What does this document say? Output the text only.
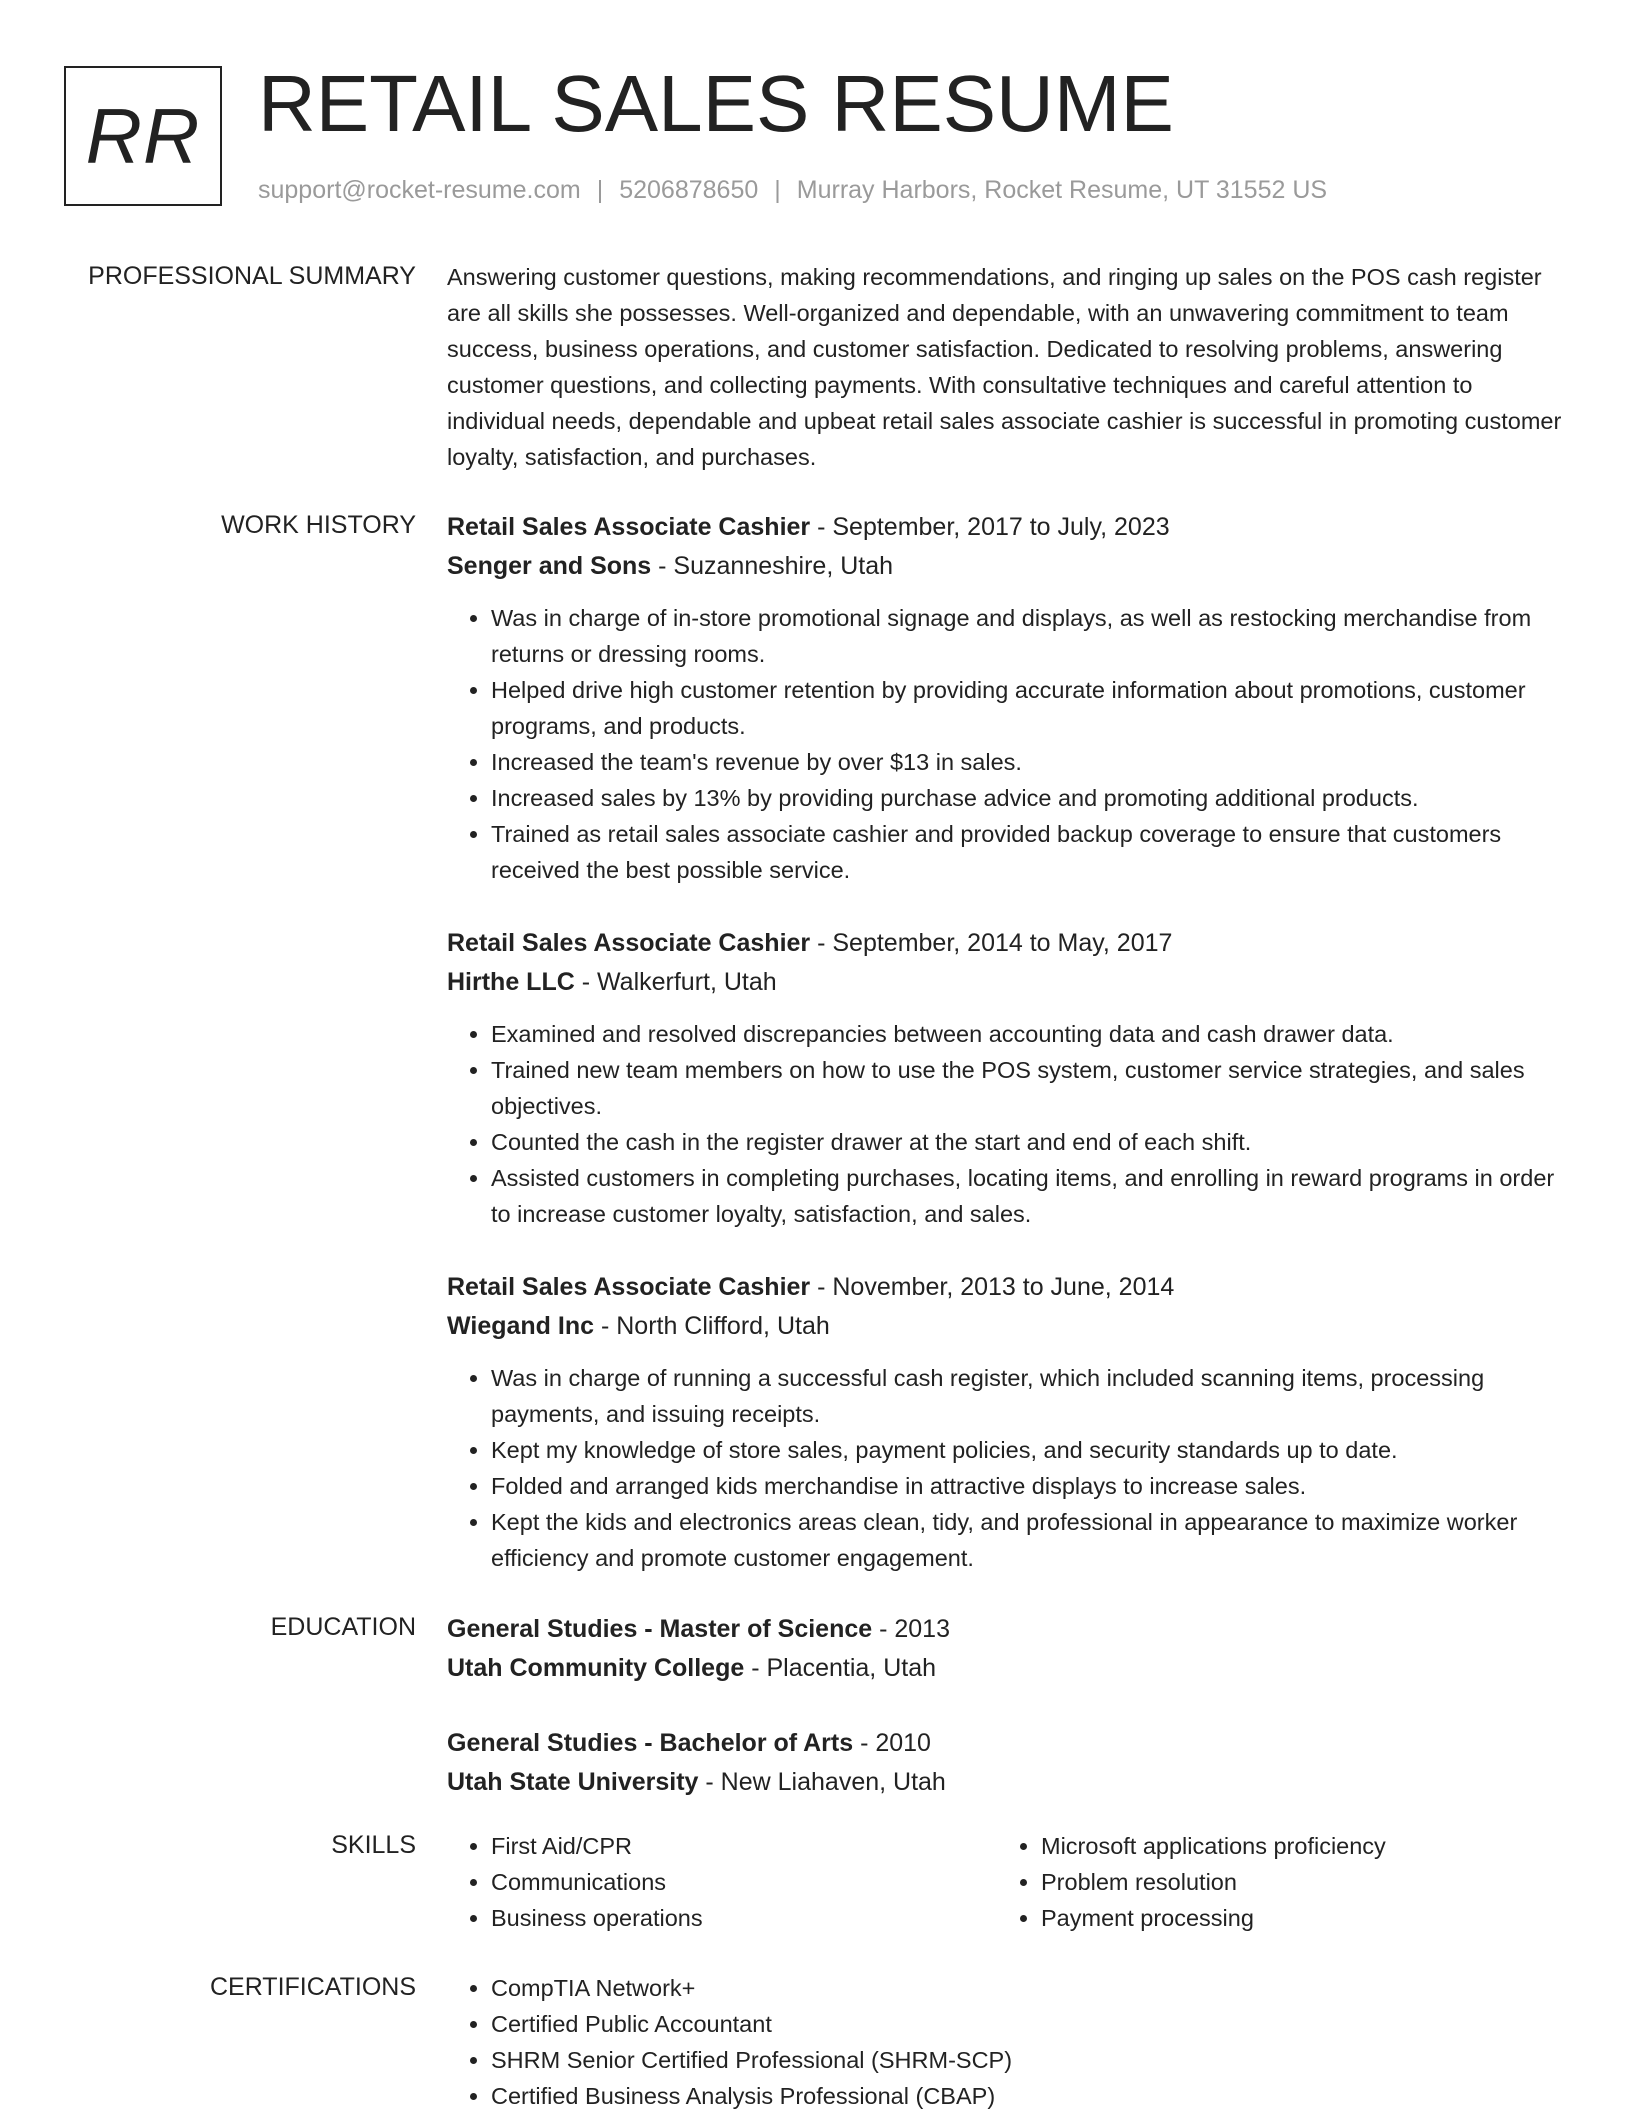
RR RETAIL SALES RESUME
support@rocket-resume.com | 5206878650 | Murray Harbors, Rocket Resume, UT 31552 US
PROFESSIONAL SUMMARY Answering customer questions, making recommendations, and ringing up sales on the POS cash register are all skills she possesses. Well-organized and dependable, with an unwavering commitment to team success, business operations, and customer satisfaction. Dedicated to resolving problems, answering customer questions, and collecting payments. With consultative techniques and careful attention to individual needs, dependable and upbeat retail sales associate cashier is successful in promoting customer loyalty, satisfaction, and purchases.

WORK HISTORY Retail Sales Associate Cashier - September, 2017 to July, 2023
Senger and Sons - Suzanneshire, Utah
• Was in charge of in-store promotional signage and displays, as well as restocking merchandise from returns or dressing rooms.
• Helped drive high customer retention by providing accurate information about promotions, customer programs, and products.
• Increased the team's revenue by over $13 in sales.
• Increased sales by 13% by providing purchase advice and promoting additional products.
• Trained as retail sales associate cashier and provided backup coverage to ensure that customers received the best possible service.
Retail Sales Associate Cashier - September, 2014 to May, 2017
Hirthe LLC - Walkerfurt, Utah
• Examined and resolved discrepancies between accounting data and cash drawer data.
• Trained new team members on how to use the POS system, customer service strategies, and sales objectives.
• Counted the cash in the register drawer at the start and end of each shift.
• Assisted customers in completing purchases, locating items, and enrolling in reward programs in order to increase customer loyalty, satisfaction, and sales.
Retail Sales Associate Cashier - November, 2013 to June, 2014
Wiegand Inc - North Clifford, Utah
• Was in charge of running a successful cash register, which included scanning items, processing payments, and issuing receipts.
• Kept my knowledge of store sales, payment policies, and security standards up to date.
• Folded and arranged kids merchandise in attractive displays to increase sales.
• Kept the kids and electronics areas clean, tidy, and professional in appearance to maximize worker efficiency and promote customer engagement.
EDUCATION General Studies - Master of Science - 2013
Utah Community College - Placentia, Utah
General Studies - Bachelor of Arts - 2010
Utah State University - New Liahaven, Utah
SKILLS	• First Aid/CPR
• Communications
• Business operations
• Microsoft applications proficiency
• Problem resolution
• Payment processing
CERTIFICATIONS	• CompTIA Network+
• Certified Public Accountant
• SHRM Senior Certified Professional (SHRM-SCP)
• Certified Business Analysis Professional (CBAP)
